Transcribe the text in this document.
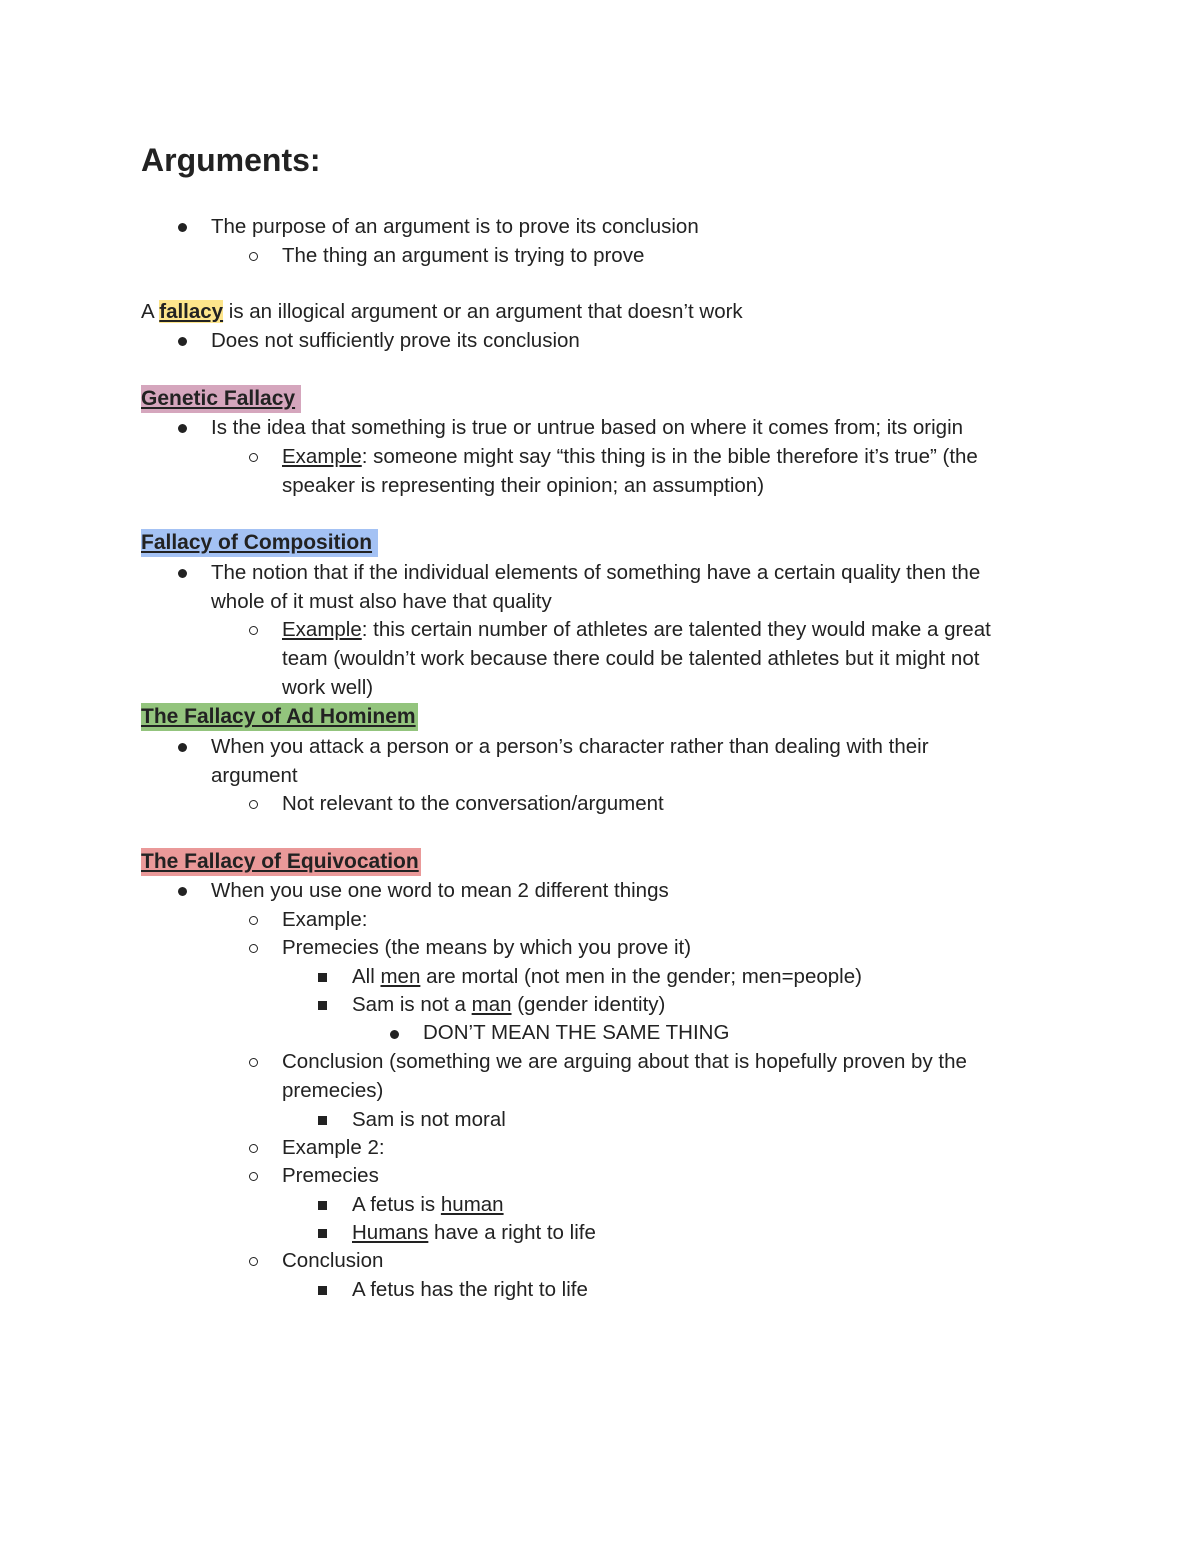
Arguments:
The purpose of an argument is to prove its conclusion
The thing an argument is trying to prove
A fallacy is an illogical argument or an argument that doesn’t work
Does not sufficiently prove its conclusion
Genetic Fallacy
Is the idea that something is true or untrue based on where it comes from; its origin
Example: someone might say “this thing is in the bible therefore it’s true” (the
speaker is representing their opinion; an assumption)
Fallacy of Composition
The notion that if the individual elements of something have a certain quality then the
whole of it must also have that quality
Example: this certain number of athletes are talented they would make a great
team (wouldn’t work because there could be talented athletes but it might not
work well)
The Fallacy of Ad Hominem
When you attack a person or a person’s character rather than dealing with their
argument
Not relevant to the conversation/argument
The Fallacy of Equivocation
When you use one word to mean 2 different things
Example:
Premecies (the means by which you prove it)
All men are mortal (not men in the gender; men=people)
Sam is not a man (gender identity)
DON’T MEAN THE SAME THING
Conclusion (something we are arguing about that is hopefully proven by the
premecies)
Sam is not moral
Example 2:
Premecies
A fetus is human
Humans have a right to life
Conclusion
A fetus has the right to life
